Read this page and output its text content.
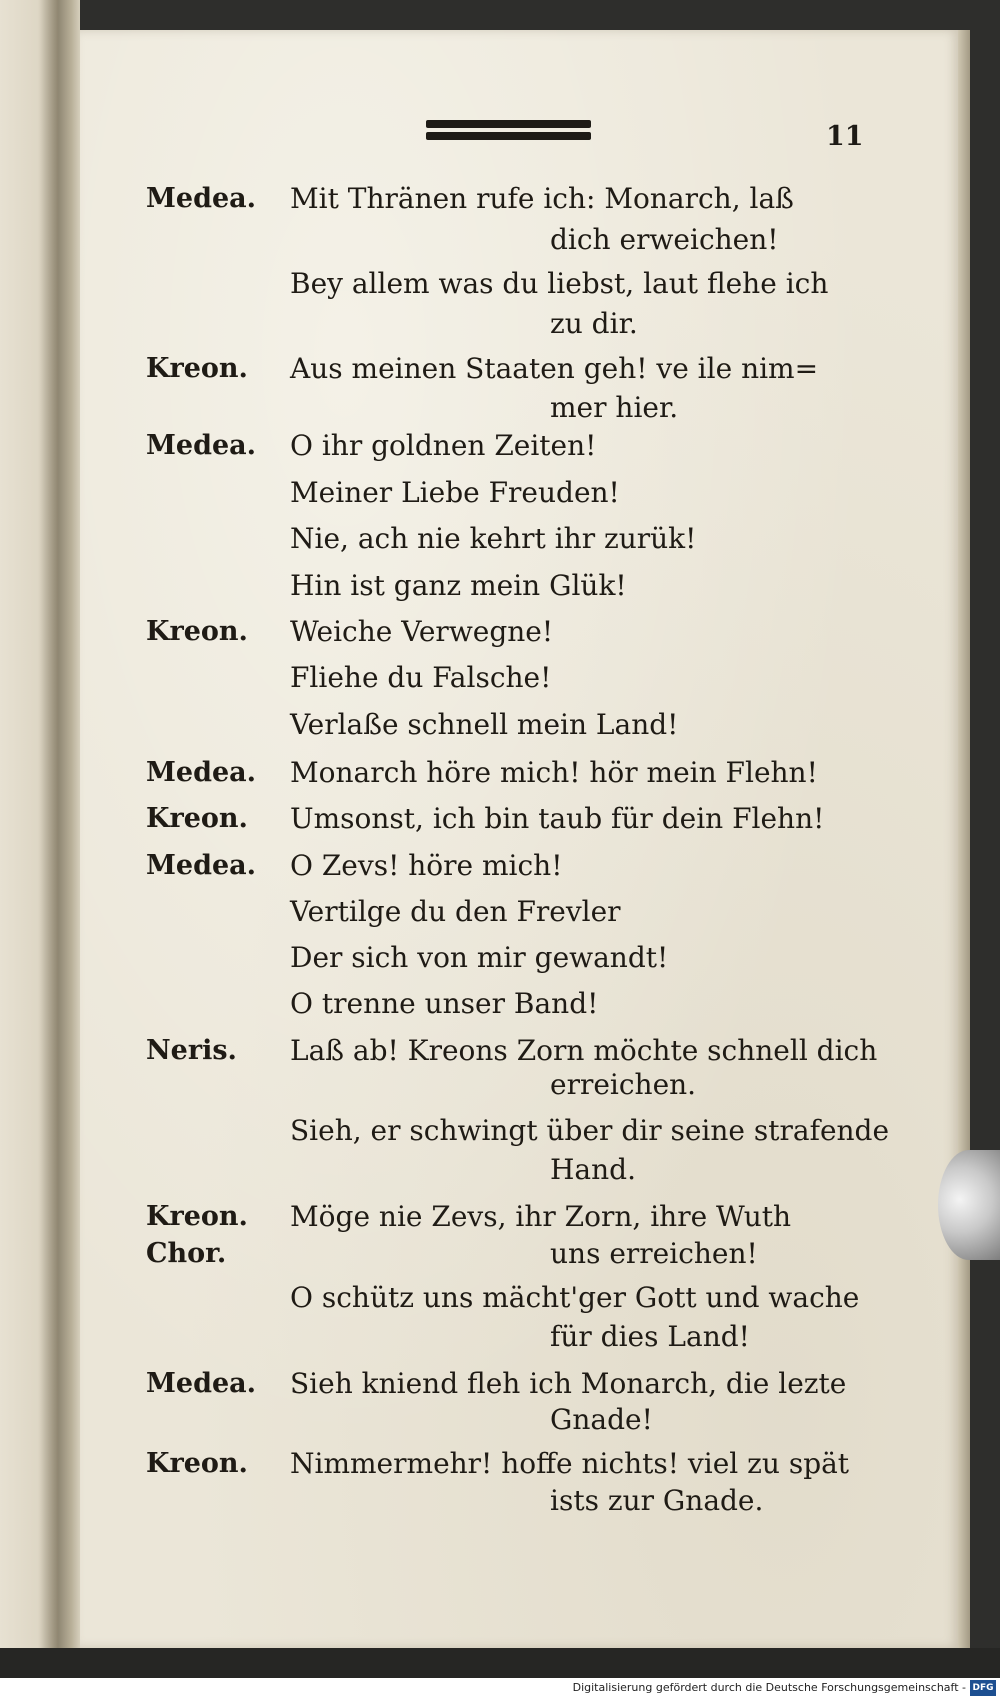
11
Medea. Mit Thränen rufe ich: Monarch, laß
dich erweichen!
Bey allem was du liebst, laut flehe ich
zu dir.
Kreon. Aus meinen Staaten geh! ve ile nim=
mer hier.
Medea. O ihr goldnen Zeiten!
Meiner Liebe Freuden!
Nie, ach nie kehrt ihr zurük!
Hin ist ganz mein Glük!
Kreon. Weiche Verwegne!
Fliehe du Falsche!
Verlaße schnell mein Land!
Medea. Monarch höre mich! hör mein Flehn!
Kreon. Umsonst, ich bin taub für dein Flehn!
Medea. O Zevs! höre mich!
Vertilge du den Frevler
Der sich von mir gewandt!
O trenne unser Band!
Neris. Laß ab! Kreons Zorn möchte schnell dich
erreichen.
Sieh, er schwingt über dir seine strafende
Hand.
Kreon.
Chor.
Möge nie Zevs, ihr Zorn, ihre Wuth
uns erreichen!
O schütz uns mächt'ger Gott und wache
für dies Land!
Medea. Sieh kniend fleh ich Monarch, die lezte
Gnade!
Kreon. Nimmermehr! hoffe nichts! viel zu spät
ists zur Gnade.
Digitalisierung gefördert durch die Deutsche Forschungsgemeinschaft - DFG
